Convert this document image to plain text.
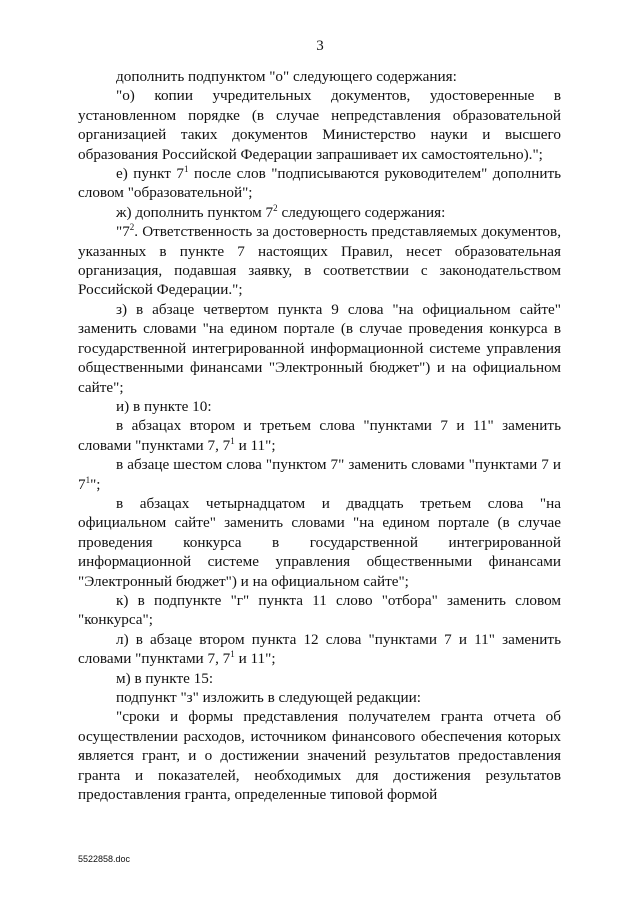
3

дополнить подпунктом "о" следующего содержания:

"о) копии учредительных документов, удостоверенные в установленном порядке (в случае непредставления образовательной организацией таких документов Министерство науки и высшего образования Российской Федерации запрашивает их самостоятельно).";

е) пункт $7^1$ после слов "подписываются руководителем" дополнить словом "образовательной";

ж) дополнить пунктом $7^2$ следующего содержания:

"$7^2$. Ответственность за достоверность представляемых документов, указанных в пункте 7 настоящих Правил, несет образовательная организация, подавшая заявку, в соответствии с законодательством Российской Федерации.";

з) в абзаце четвертом пункта 9 слова "на официальном сайте" заменить словами "на едином портале (в случае проведения конкурса в государственной интегрированной информационной системе управления общественными финансами "Электронный бюджет") и на официальном сайте";

и) в пункте 10:

в абзацах втором и третьем слова "пунктами 7 и 11" заменить словами "пунктами 7, $7^1$ и 11";

в абзаце шестом слова "пунктом 7" заменить словами "пунктами 7 и $7^1$";

в абзацах четырнадцатом и двадцать третьем слова "на официальном сайте" заменить словами "на едином портале (в случае проведения конкурса в государственной интегрированной информационной системе управления общественными финансами "Электронный бюджет") и на официальном сайте";

к) в подпункте "г" пункта 11 слово "отбора" заменить словом "конкурса";

л) в абзаце втором пункта 12 слова "пунктами 7 и 11" заменить словами "пунктами 7, $7^1$ и 11";

м) в пункте 15:

подпункт "з" изложить в следующей редакции:

"сроки и формы представления получателем гранта отчета об осуществлении расходов, источником финансового обеспечения которых является грант, и о достижении значений результатов предоставления гранта и показателей, необходимых для достижения результатов предоставления гранта, определенные типовой формой

5522858.doc
